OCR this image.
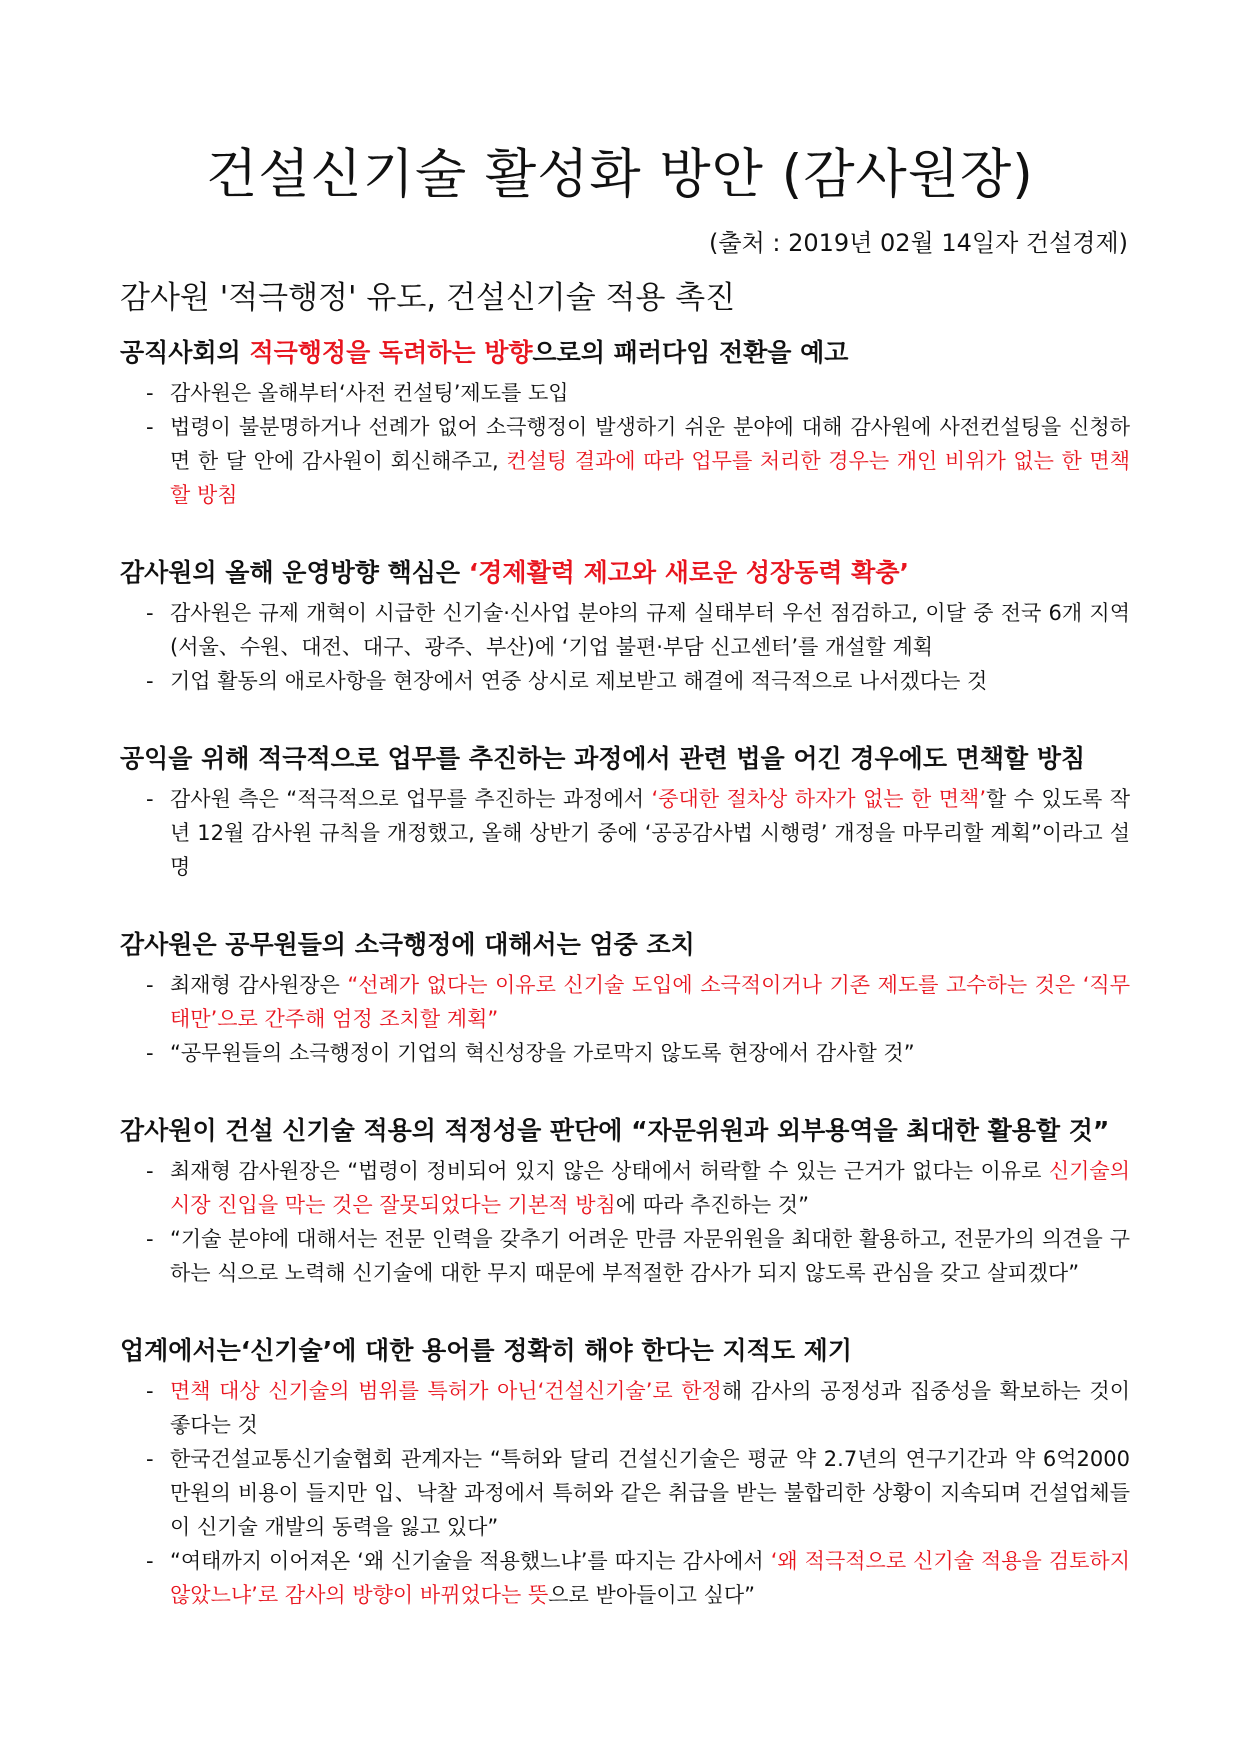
건설신기술 활성화 방안 (감사원장)

(출처 : 2019년 02월 14일자 건설경제)

감사원 '적극행정' 유도, 건설신기술 적용 촉진
공직사회의 적극행정을 독려하는 방향으로의 패러다임 전환을 예고
- 감사원은 올해부터‘사전 컨설팅’제도를 도입
- 법령이 불분명하거나 선례가 없어 소극행정이 발생하기 쉬운 분야에 대해 감사원에 사전컨설팅을 신청하면 한 달 안에 감사원이 회신해주고, 컨설팅 결과에 따라 업무를 처리한 경우는 개인 비위가 없는 한 면책할 방침
감사원의 올해 운영방향 핵심은 ‘경제활력 제고와 새로운 성장동력 확충’
- 감사원은 규제 개혁이 시급한 신기술·신사업 분야의 규제 실태부터 우선 점검하고, 이달 중 전국 6개 지역(서울、수원、대전、대구、광주、부산)에 ‘기업 불편·부담 신고센터’를 개설할 계획
- 기업 활동의 애로사항을 현장에서 연중 상시로 제보받고 해결에 적극적으로 나서겠다는 것
공익을 위해 적극적으로 업무를 추진하는 과정에서 관련 법을 어긴 경우에도 면책할 방침
- 감사원 측은 “적극적으로 업무를 추진하는 과정에서 ‘중대한 절차상 하자가 없는 한 면책’할 수 있도록 작년 12월 감사원 규칙을 개정했고, 올해 상반기 중에 ‘공공감사법 시행령’ 개정을 마무리할 계획”이라고 설명
감사원은 공무원들의 소극행정에 대해서는 엄중 조치
- 최재형 감사원장은 “선례가 없다는 이유로 신기술 도입에 소극적이거나 기존 제도를 고수하는 것은 ‘직무태만’으로 간주해 엄정 조치할 계획”
- “공무원들의 소극행정이 기업의 혁신성장을 가로막지 않도록 현장에서 감사할 것”
감사원이 건설 신기술 적용의 적정성을 판단에 “자문위원과 외부용역을 최대한 활용할 것”
- 최재형 감사원장은 “법령이 정비되어 있지 않은 상태에서 허락할 수 있는 근거가 없다는 이유로 신기술의 시장 진입을 막는 것은 잘못되었다는 기본적 방침에 따라 추진하는 것”
- “기술 분야에 대해서는 전문 인력을 갖추기 어려운 만큼 자문위원을 최대한 활용하고, 전문가의 의견을 구하는 식으로 노력해 신기술에 대한 무지 때문에 부적절한 감사가 되지 않도록 관심을 갖고 살피겠다”
업계에서는‘신기술’에 대한 용어를 정확히 해야 한다는 지적도 제기
- 면책 대상 신기술의 범위를 특허가 아닌‘건설신기술’로 한정해 감사의 공정성과 집중성을 확보하는 것이 좋다는 것
- 한국건설교통신기술협회 관계자는 “특허와 달리 건설신기술은 평균 약 2.7년의 연구기간과 약 6억2000만원의 비용이 들지만 입、낙찰 과정에서 특허와 같은 취급을 받는 불합리한 상황이 지속되며 건설업체들이 신기술 개발의 동력을 잃고 있다”
- “여태까지 이어져온 ‘왜 신기술을 적용했느냐’를 따지는 감사에서 ‘왜 적극적으로 신기술 적용을 검토하지 않았느냐’로 감사의 방향이 바뀌었다는 뜻으로 받아들이고 싶다”
